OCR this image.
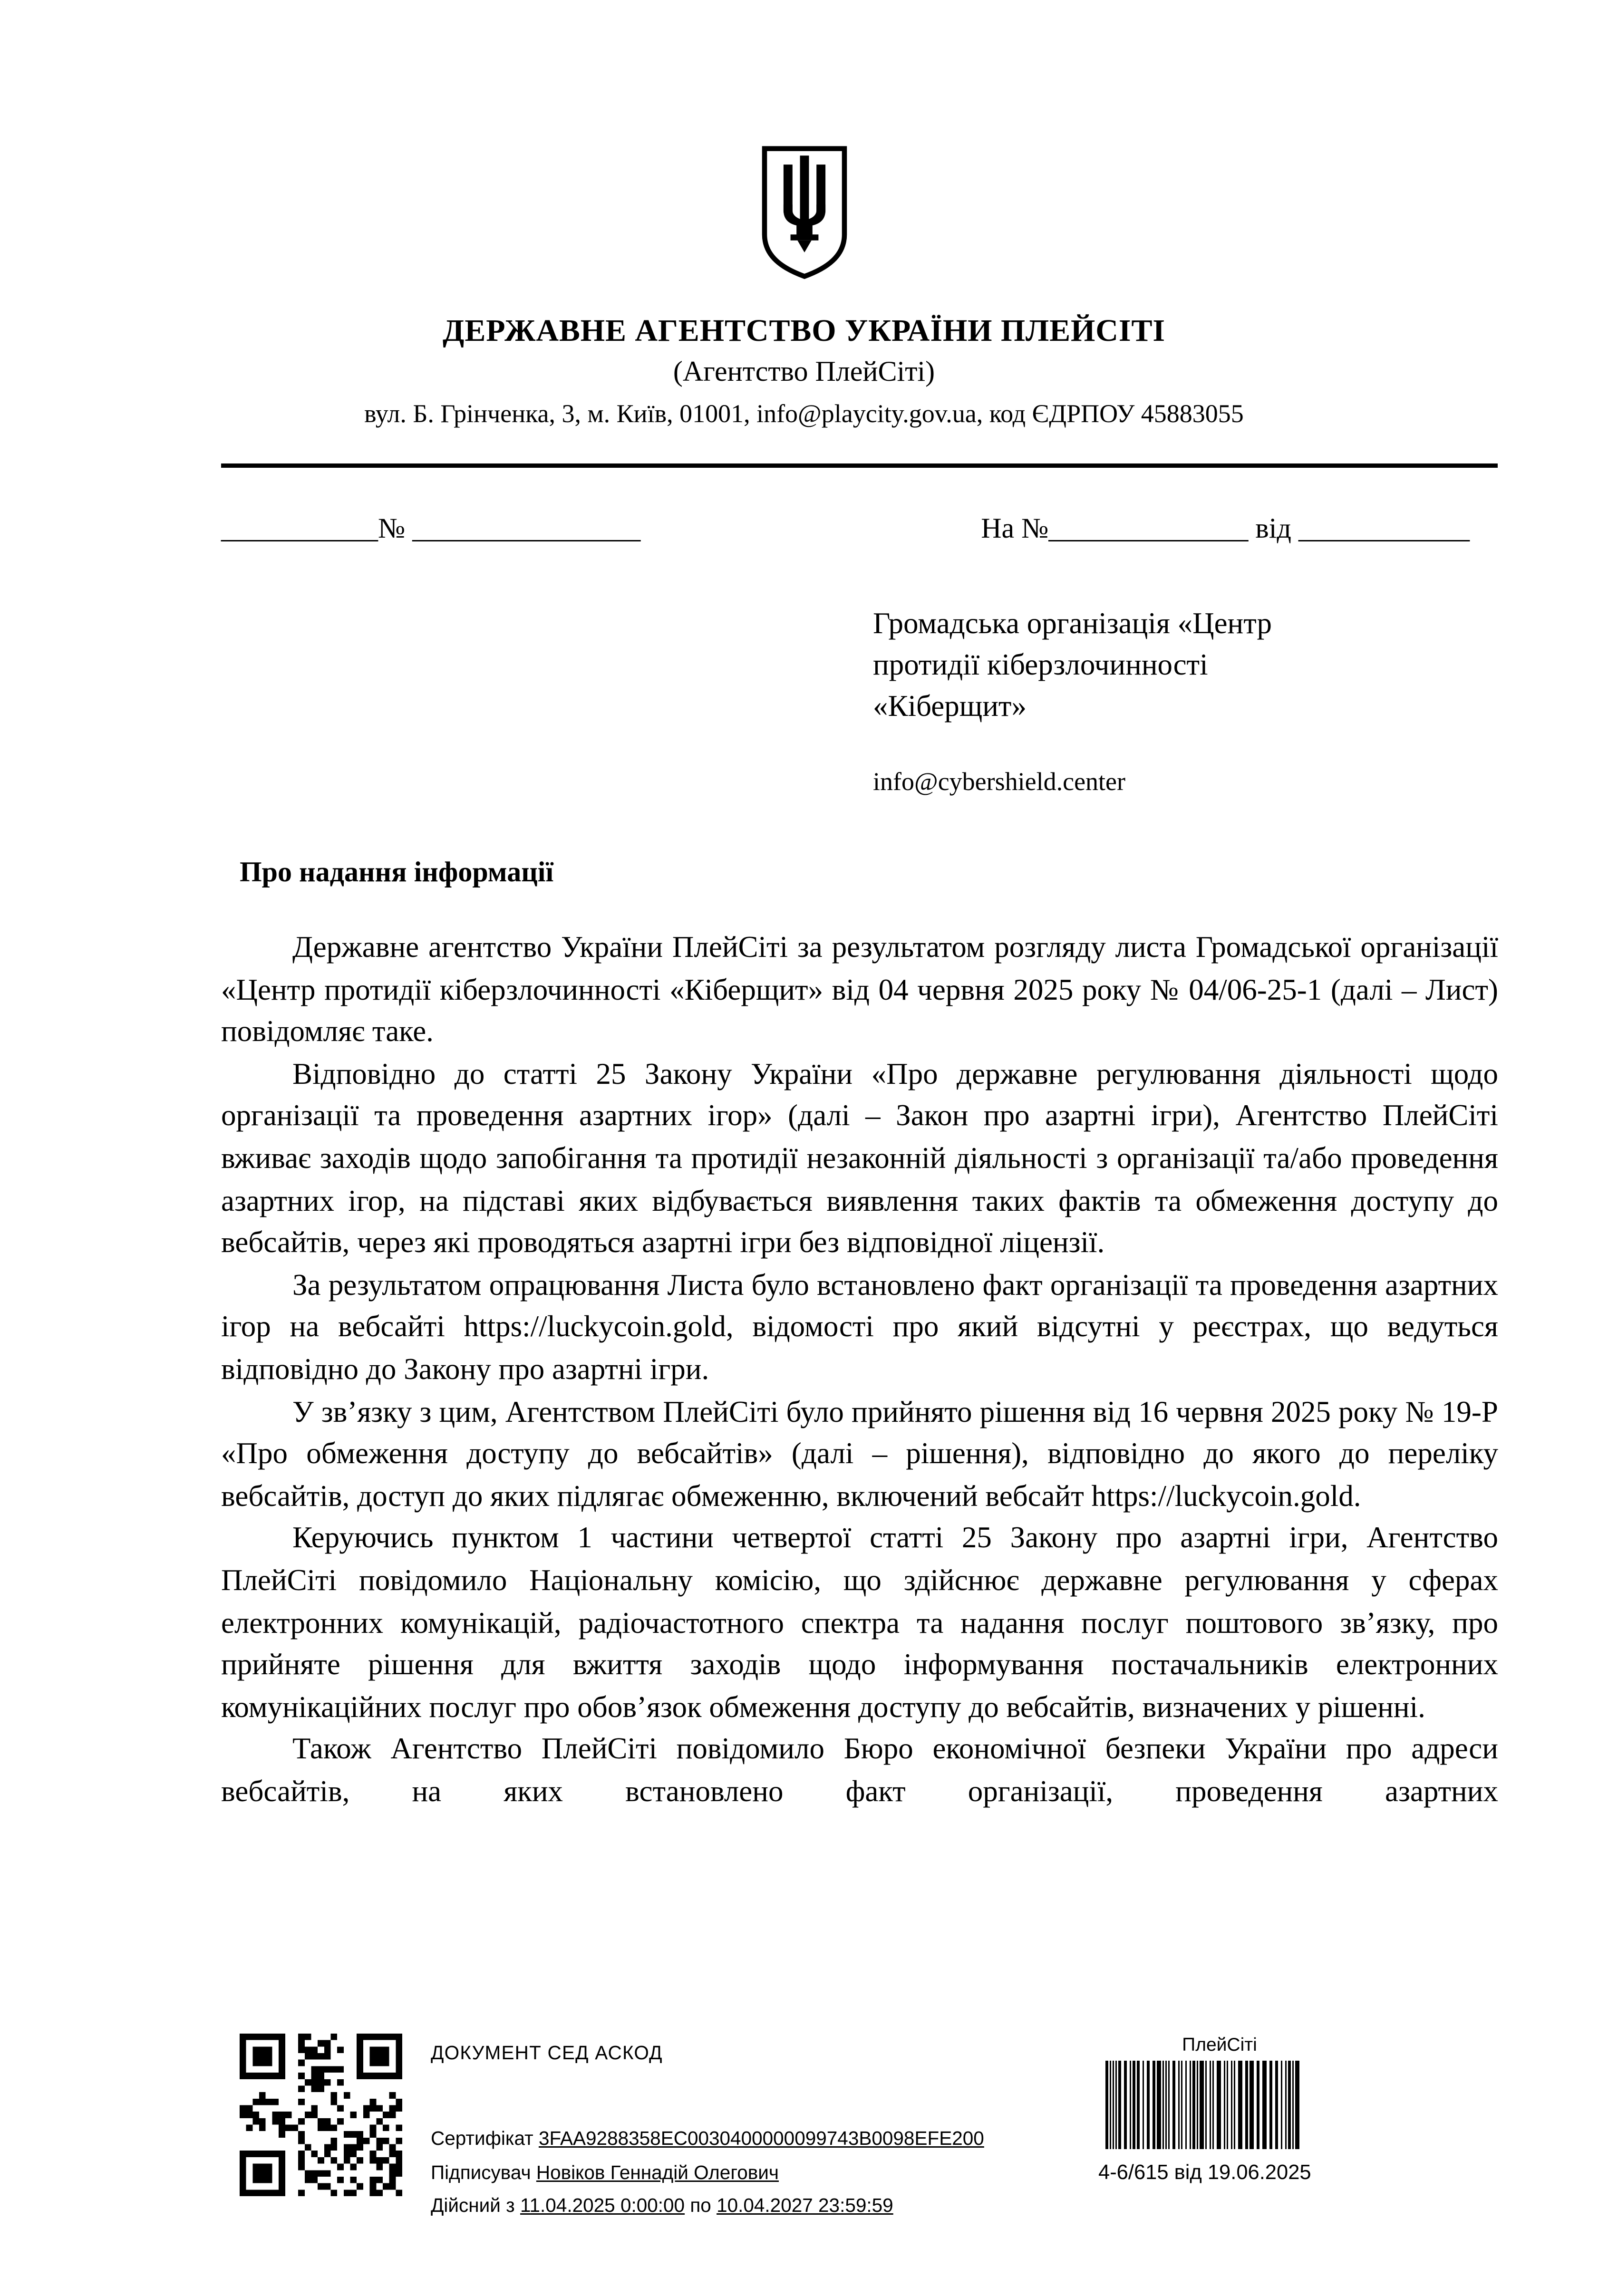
ДЕРЖАВНЕ АГЕНТСТВО УКРАЇНИ ПЛЕЙСІТІ
(Агентство ПлейСіті)
вул. Б. Грінченка, 3, м. Київ, 01001, info@playcity.gov.ua, код ЄДРПОУ 45883055
___________№ ________________	На №______________ від ____________
Громадська організація «Центр
протидії кіберзлочинності
«Кіберщит»
info@cybershield.center
Про надання інформації

Державне агентство України ПлейСіті за результатом розгляду листа Громадської організації «Центр протидії кіберзлочинності «Кіберщит» від 04 червня 2025 року № 04/06-25-1 (далі – Лист) повідомляє таке.

Відповідно до статті 25 Закону України «Про державне регулювання діяльності щодо організації та проведення азартних ігор» (далі – Закон про азартні ігри), Агентство ПлейСіті вживає заходів щодо запобігання та протидії незаконній діяльності з організації та/або проведення азартних ігор, на підставі яких відбувається виявлення таких фактів та обмеження доступу до вебсайтів, через які проводяться азартні ігри без відповідної ліцензії.

За результатом опрацювання Листа було встановлено факт організації та проведення азартних ігор на вебсайті https://luckycoin.gold, відомості про який відсутні у реєстрах, що ведуться відповідно до Закону про азартні ігри.

У зв’язку з цим, Агентством ПлейСіті було прийнято рішення від 16 червня 2025 року № 19-Р «Про обмеження доступу до вебсайтів» (далі – рішення), відповідно до якого до переліку вебсайтів, доступ до яких підлягає обмеженню, включений вебсайт https://luckycoin.gold.

Керуючись пунктом 1 частини четвертої статті 25 Закону про азартні ігри, Агентство ПлейСіті повідомило Національну комісію, що здійснює державне регулювання у сферах електронних комунікацій, радіочастотного спектра та надання послуг поштового зв’язку, про прийняте рішення для вжиття заходів щодо інформування постачальників електронних комунікаційних послуг про обов’язок обмеження доступу до вебсайтів, визначених у рішенні.

Також Агентство ПлейСіті повідомило Бюро економічної безпеки України про адреси вебсайтів, на яких встановлено факт організації, проведення азартних

ДОКУМЕНТ СЕД АСКОД
Сертифікат 3FAA9288358EC0030400000099743B0098EFE200
Підписувач Новіков Геннадій Олегович
Дійсний з 11.04.2025 0:00:00 по 10.04.2027 23:59:59
ПлейСіті
4-6/615 від 19.06.2025
